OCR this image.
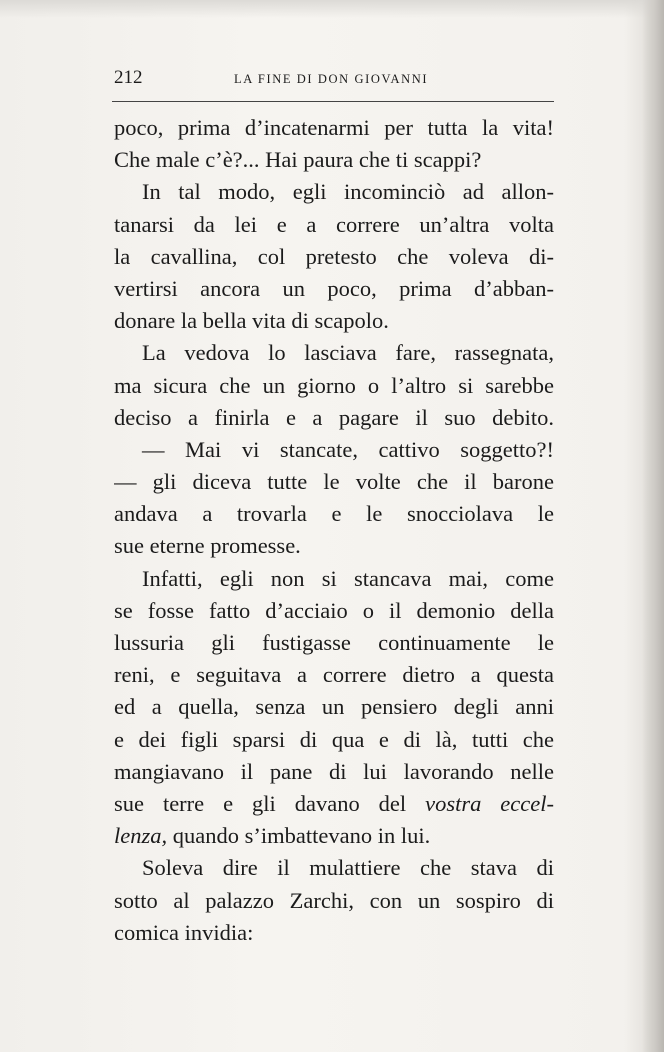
212	LA FINE DI DON GIOVANNI
poco, prima d’incatenarmi per tutta la vita!
Che male c’è?... Hai paura che ti scappi?
In tal modo, egli incominciò ad allon-
tanarsi da lei e a correre un’altra volta
la cavallina, col pretesto che voleva di-
vertirsi ancora un poco, prima d’abban-
donare la bella vita di scapolo.
La vedova lo lasciava fare, rassegnata,
ma sicura che un giorno o l’altro si sarebbe
deciso a finirla e a pagare il suo debito.
— Mai vi stancate, cattivo soggetto?!
— gli diceva tutte le volte che il barone
andava a trovarla e le snocciolava le
sue eterne promesse.
Infatti, egli non si stancava mai, come
se fosse fatto d’acciaio o il demonio della
lussuria gli fustigasse continuamente le
reni, e seguitava a correre dietro a questa
ed a quella, senza un pensiero degli anni
e dei figli sparsi di qua e di là, tutti che
mangiavano il pane di lui lavorando nelle
sue terre e gli davano del vostra eccel-
lenza, quando s’imbattevano in lui.
Soleva dire il mulattiere che stava di
sotto al palazzo Zarchi, con un sospiro di
comica invidia:
